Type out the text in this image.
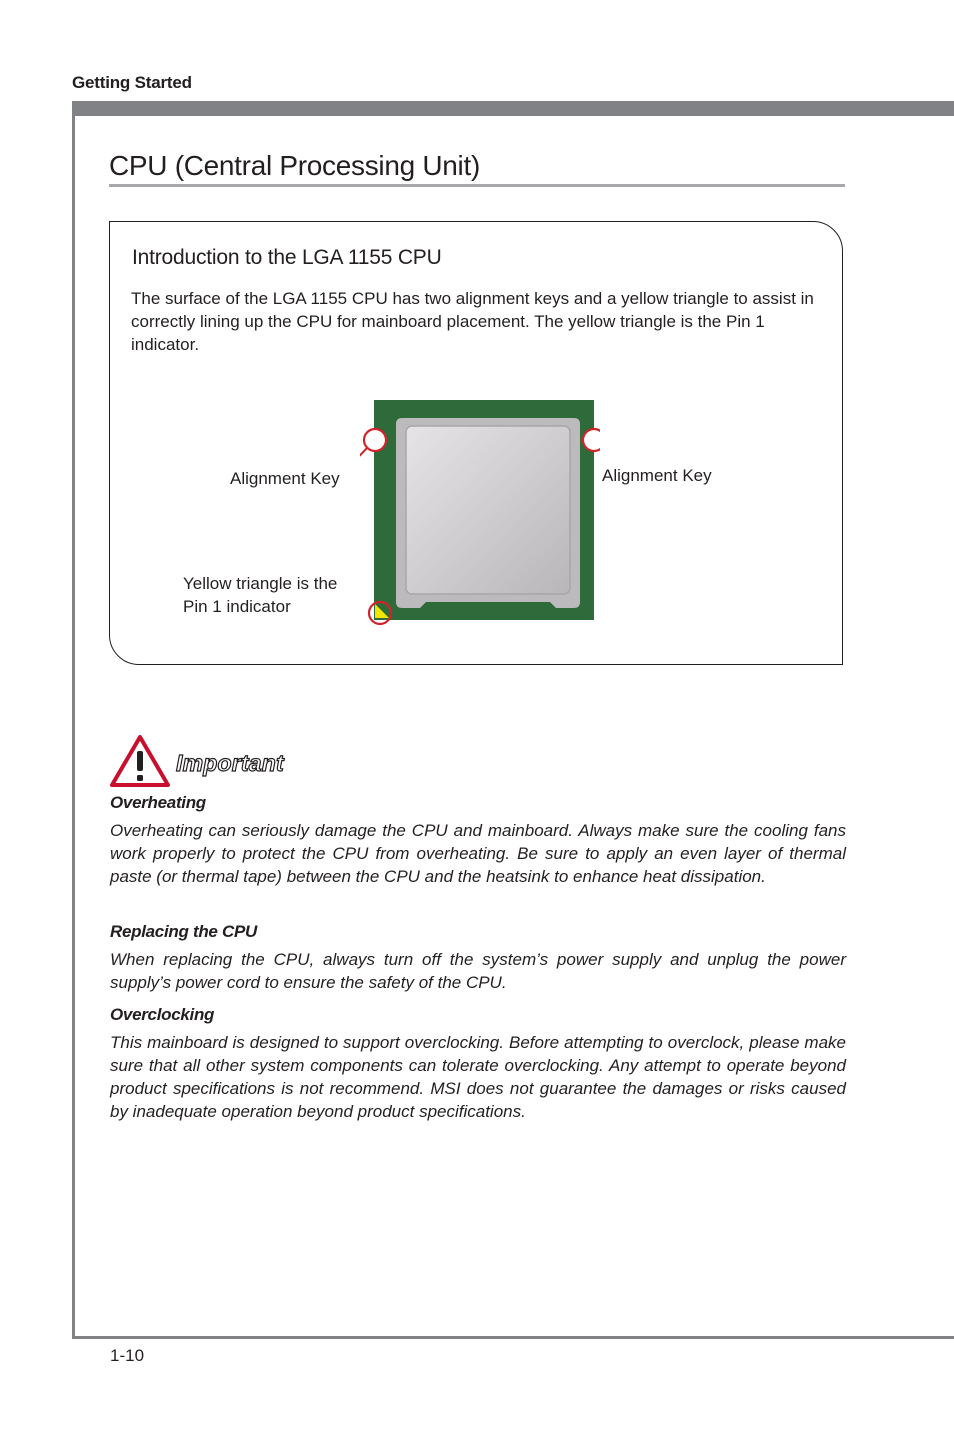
Getting Started
CPU (Central Processing Unit)
Introduction to the LGA 1155 CPU
The surface of the LGA 1155 CPU has two alignment keys and a yellow triangle to assist in correctly lining up the CPU for mainboard placement. The yellow triangle is the Pin 1 indicator.
Alignment Key	Alignment Key
Yellow triangle is the
Pin 1 indicator
Important
Overheating
Overheating can seriously damage the CPU and mainboard. Always make sure the cooling fans work properly to protect the CPU from overheating. Be sure to apply an even layer of thermal paste (or thermal tape) between the CPU and the heatsink to enhance heat dissipation.
Replacing the CPU
When replacing the CPU, always turn off the system’s power supply and unplug the power supply’s power cord to ensure the safety of the CPU.
Overclocking
This mainboard is designed to support overclocking. Before attempting to overclock, please make sure that all other system components can tolerate overclocking. Any attempt to operate beyond product specifications is not recommend. MSI does not guarantee the damages or risks caused by inadequate operation beyond product specifications.
1-10
